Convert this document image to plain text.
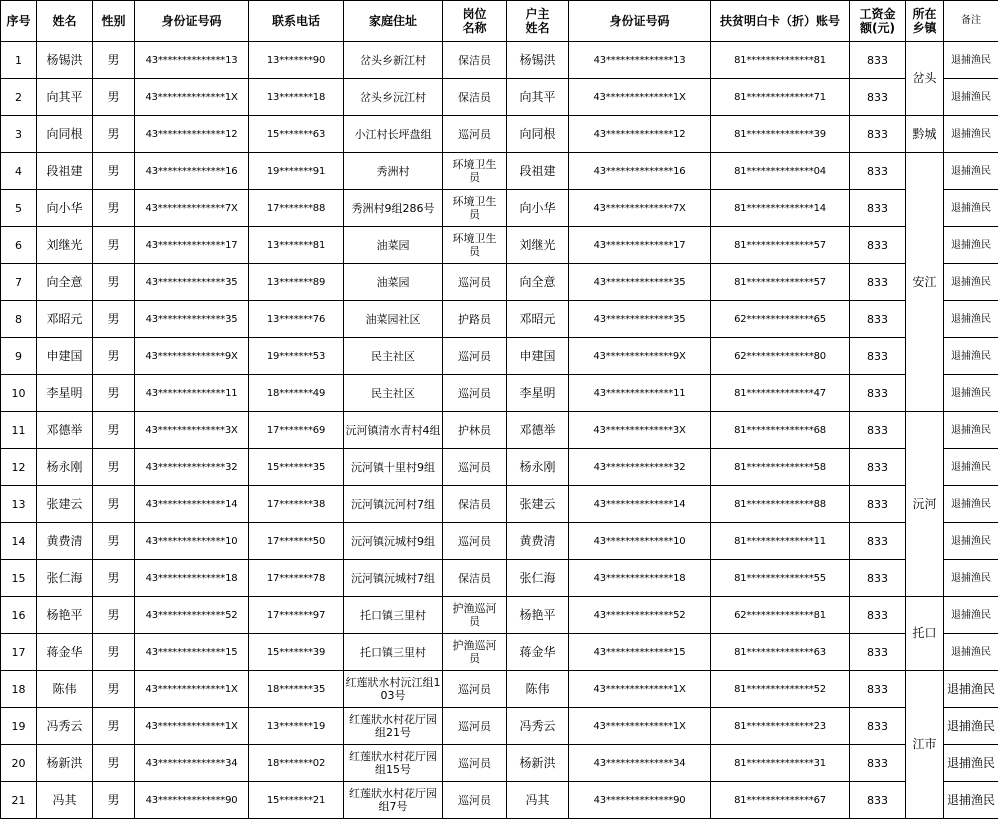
序号	姓名	性别	身份证号码	联系电话	家庭住址	岗位名称	户主姓名	身份证号码	扶贫明白卡（折）账号	工资金额(元)	所在乡镇	备注
1	杨锡洪	男	43**************13	13*******90	岔头乡新江村	保洁员	杨锡洪	43**************13	81**************81	833	岔头	退捕渔民
2	向其平	男	43**************1X	13*******18	岔头乡沅江村	保洁员	向其平	43**************1X	81**************71	833		退捕渔民
3	向同根	男	43**************12	15*******63	小江村长坪盘组	巡河员	向同根	43**************12	81**************39	833	黔城	退捕渔民
4	段祖建	男	43**************16	19*******91	秀洲村	环境卫生员	段祖建	43**************16	81**************04	833	安江	退捕渔民
5	向小华	男	43**************7X	17*******88	秀洲村9组286号	环境卫生员	向小华	43**************7X	81**************14	833		退捕渔民
6	刘继光	男	43**************17	13*******81	油菜园	环境卫生员	刘继光	43**************17	81**************57	833		退捕渔民
7	向全意	男	43**************35	13*******89	油菜园	巡河员	向全意	43**************35	81**************57	833		退捕渔民
8	邓昭元	男	43**************35	13*******76	油菜园社区	护路员	邓昭元	43**************35	62**************65	833		退捕渔民
9	申建国	男	43**************9X	19*******53	民主社区	巡河员	申建国	43**************9X	62**************80	833		退捕渔民
10	李星明	男	43**************11	18*******49	民主社区	巡河员	李星明	43**************11	81**************47	833		退捕渔民
11	邓德举	男	43**************3X	17*******69	沅河镇清水青村4组	护林员	邓德举	43**************3X	81**************68	833	沅河	退捕渔民
12	杨永刚	男	43**************32	15*******35	沅河镇十里村9组	巡河员	杨永刚	43**************32	81**************58	833		退捕渔民
13	张建云	男	43**************14	17*******38	沅河镇沅河村7组	保洁员	张建云	43**************14	81**************88	833		退捕渔民
14	黄费清	男	43**************10	17*******50	沅河镇沅城村9组	巡河员	黄费清	43**************10	81**************11	833		退捕渔民
15	张仁海	男	43**************18	17*******78	沅河镇沅城村7组	保洁员	张仁海	43**************18	81**************55	833		退捕渔民
16	杨艳平	男	43**************52	17*******97	托口镇三里村	护渔巡河员	杨艳平	43**************52	62**************81	833	托口	退捕渔民
17	蒋金华	男	43**************15	15*******39	托口镇三里村	护渔巡河员	蒋金华	43**************15	81**************63	833		退捕渔民
18	陈伟	男	43**************1X	18*******35	红莲狀水村沅江组103号	巡河员	陈伟	43**************1X	81**************52	833	江市	退捕渔民
19	冯秀云	男	43**************1X	13*******19	红莲狀水村花厅园组21号	巡河员	冯秀云	43**************1X	81**************23	833		退捕渔民
20	杨新洪	男	43**************34	18*******02	红莲狀水村花厅园组15号	巡河员	杨新洪	43**************34	81**************31	833		退捕渔民
21	冯其	男	43**************90	15*******21	红莲狀水村花厅园组7号	巡河员	冯其	43**************90	81**************67	833		退捕渔民
